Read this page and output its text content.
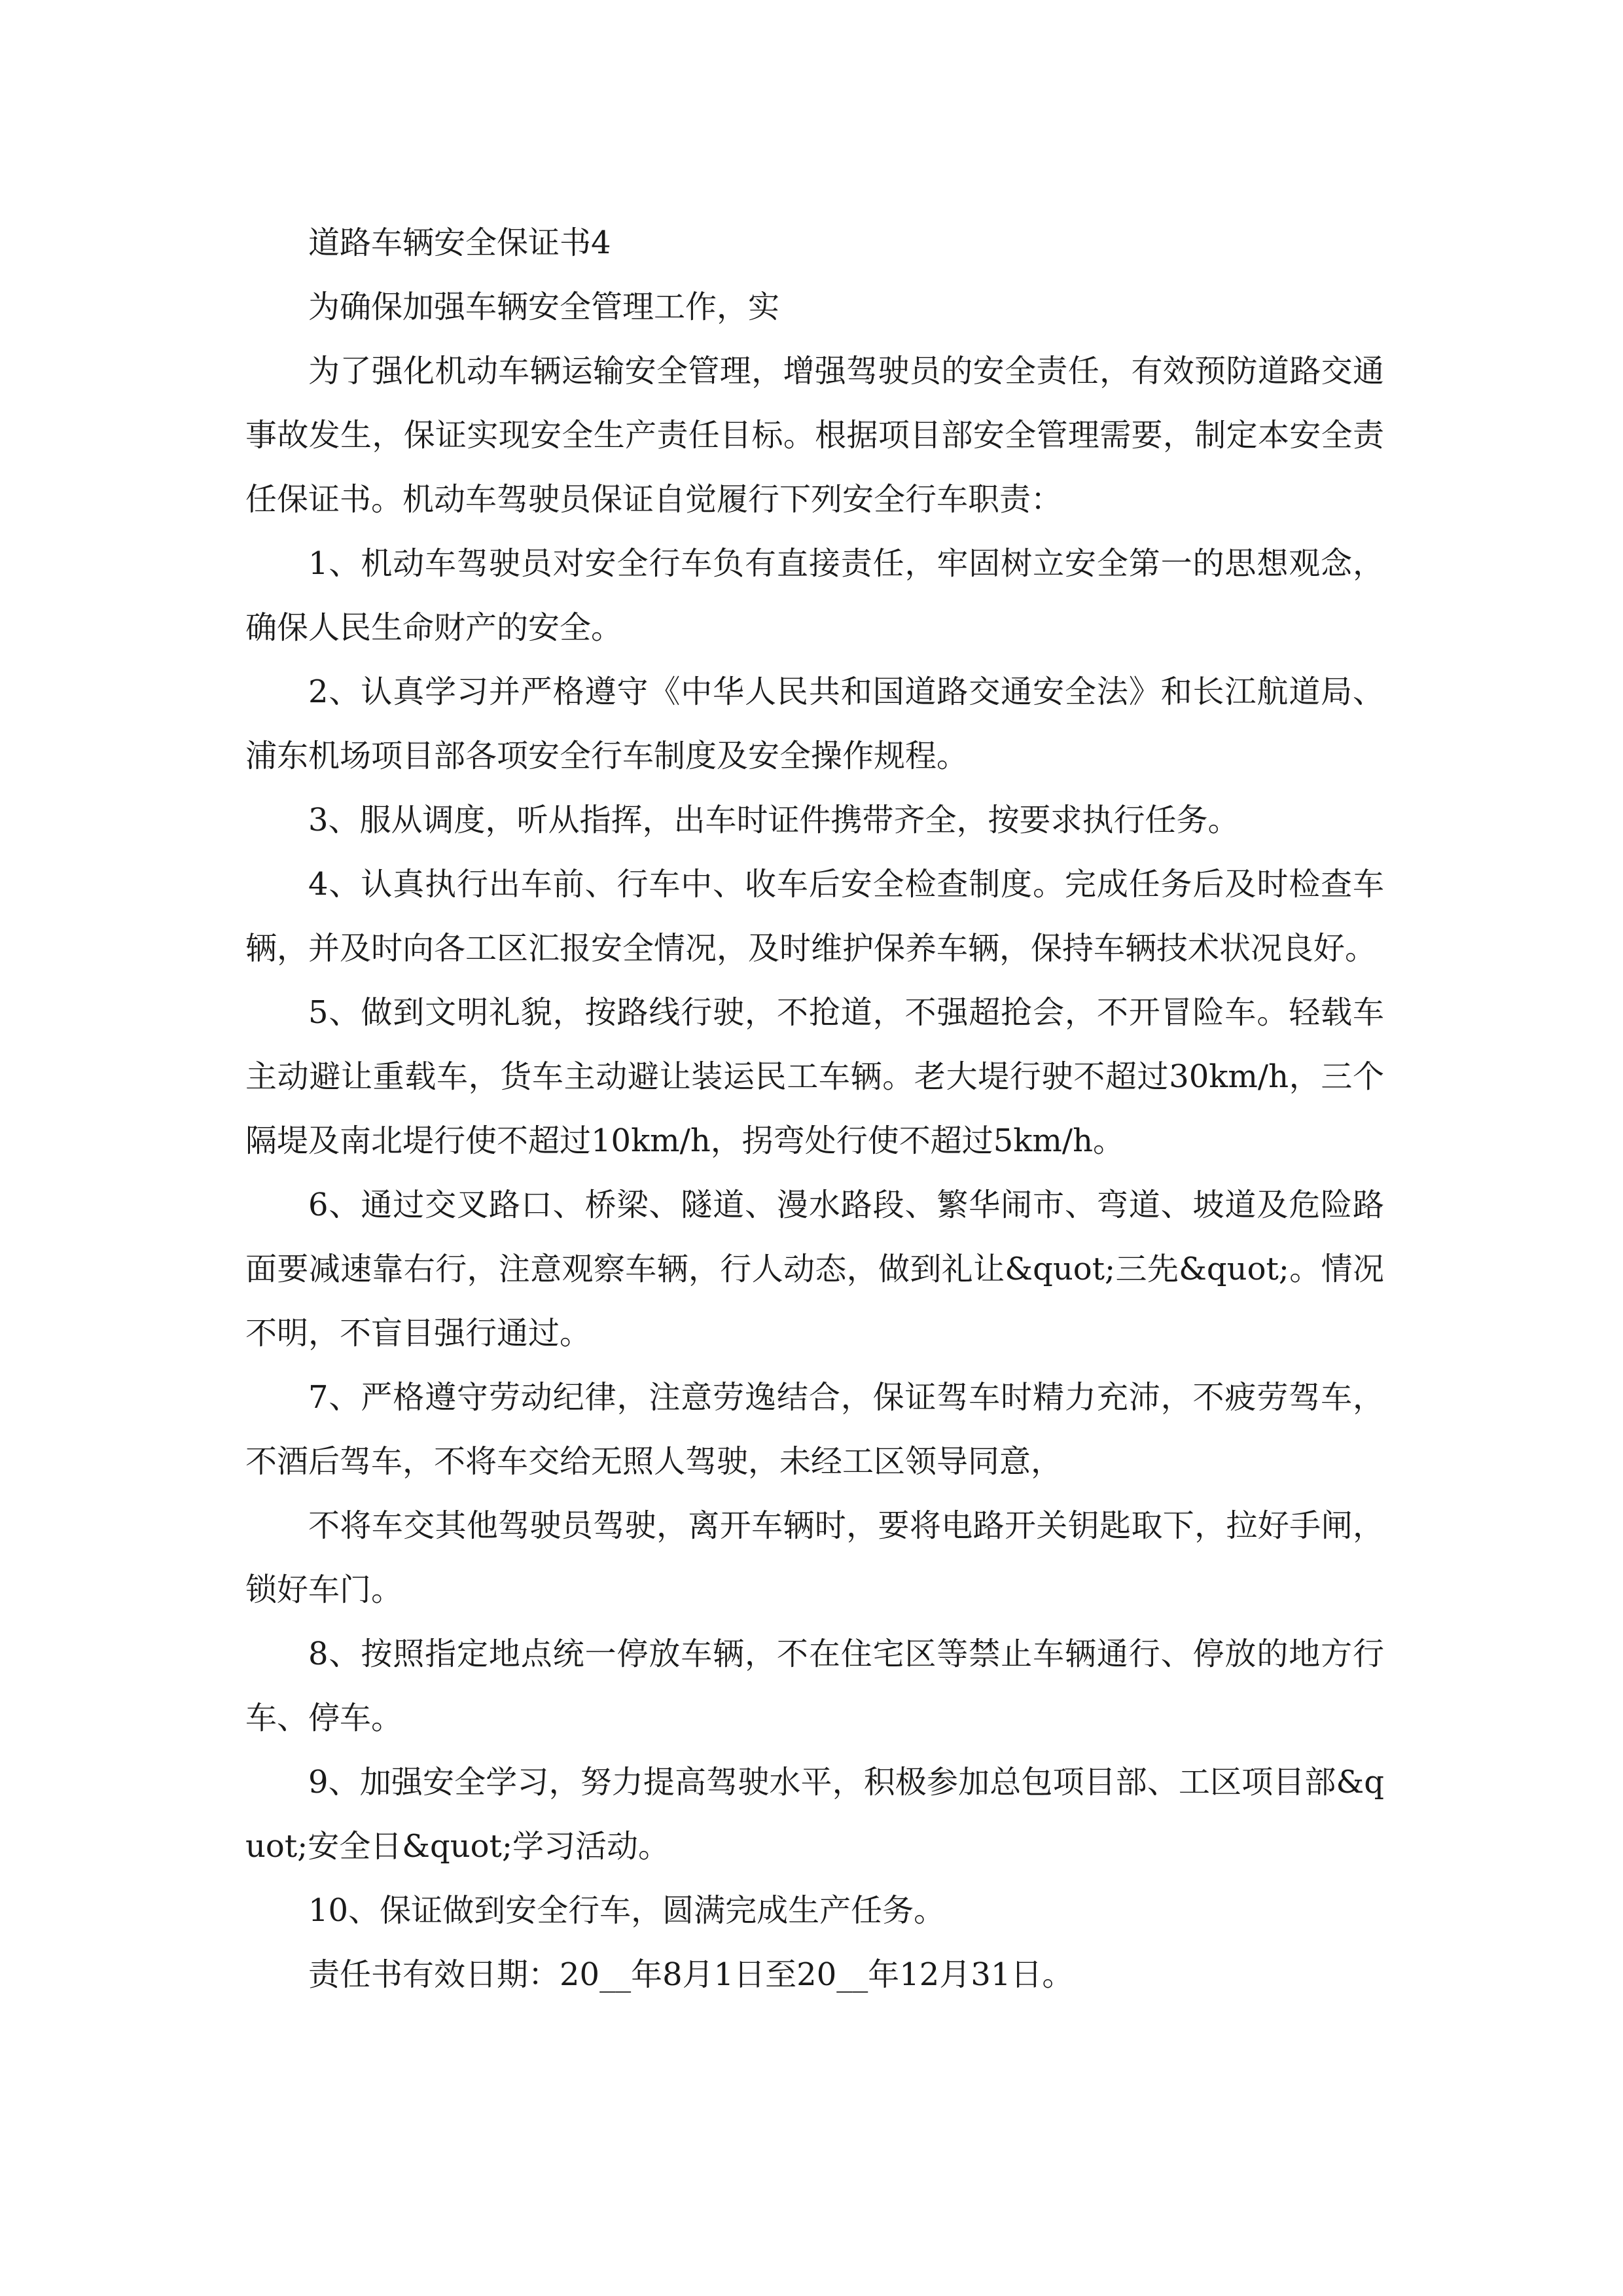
道路车辆安全保证书4

为确保加强车辆安全管理工作，实

为了强化机动车辆运输安全管理，增强驾驶员的安全责任，有效预防道路交通事故发生，保证实现安全生产责任目标。根据项目部安全管理需要，制定本安全责任保证书。机动车驾驶员保证自觉履行下列安全行车职责：

1、机动车驾驶员对安全行车负有直接责任，牢固树立安全第一的思想观念，确保人民生命财产的安全。

2、认真学习并严格遵守《中华人民共和国道路交通安全法》和长江航道局、浦东机场项目部各项安全行车制度及安全操作规程。

3、服从调度，听从指挥，出车时证件携带齐全，按要求执行任务。

4、认真执行出车前、行车中、收车后安全检查制度。完成任务后及时检查车辆，并及时向各工区汇报安全情况，及时维护保养车辆，保持车辆技术状况良好。

5、做到文明礼貌，按路线行驶，不抢道，不强超抢会，不开冒险车。轻载车主动避让重载车，货车主动避让装运民工车辆。老大堤行驶不超过30km/h，三个隔堤及南北堤行使不超过10km/h，拐弯处行使不超过5km/h。

6、通过交叉路口、桥梁、隧道、漫水路段、繁华闹市、弯道、坡道及危险路面要减速靠右行，注意观察车辆，行人动态，做到礼让&quot;三先&quot;。情况不明，不盲目强行通过。

7、严格遵守劳动纪律，注意劳逸结合，保证驾车时精力充沛，不疲劳驾车，不酒后驾车，不将车交给无照人驾驶，未经工区领导同意，

不将车交其他驾驶员驾驶，离开车辆时，要将电路开关钥匙取下，拉好手闸，锁好车门。

8、按照指定地点统一停放车辆，不在住宅区等禁止车辆通行、停放的地方行车、停车。

9、加强安全学习，努力提高驾驶水平，积极参加总包项目部、工区项目部&quot;安全日&quot;学习活动。

10、保证做到安全行车，圆满完成生产任务。

责任书有效日期：20__年8月1日至20__年12月31日。
